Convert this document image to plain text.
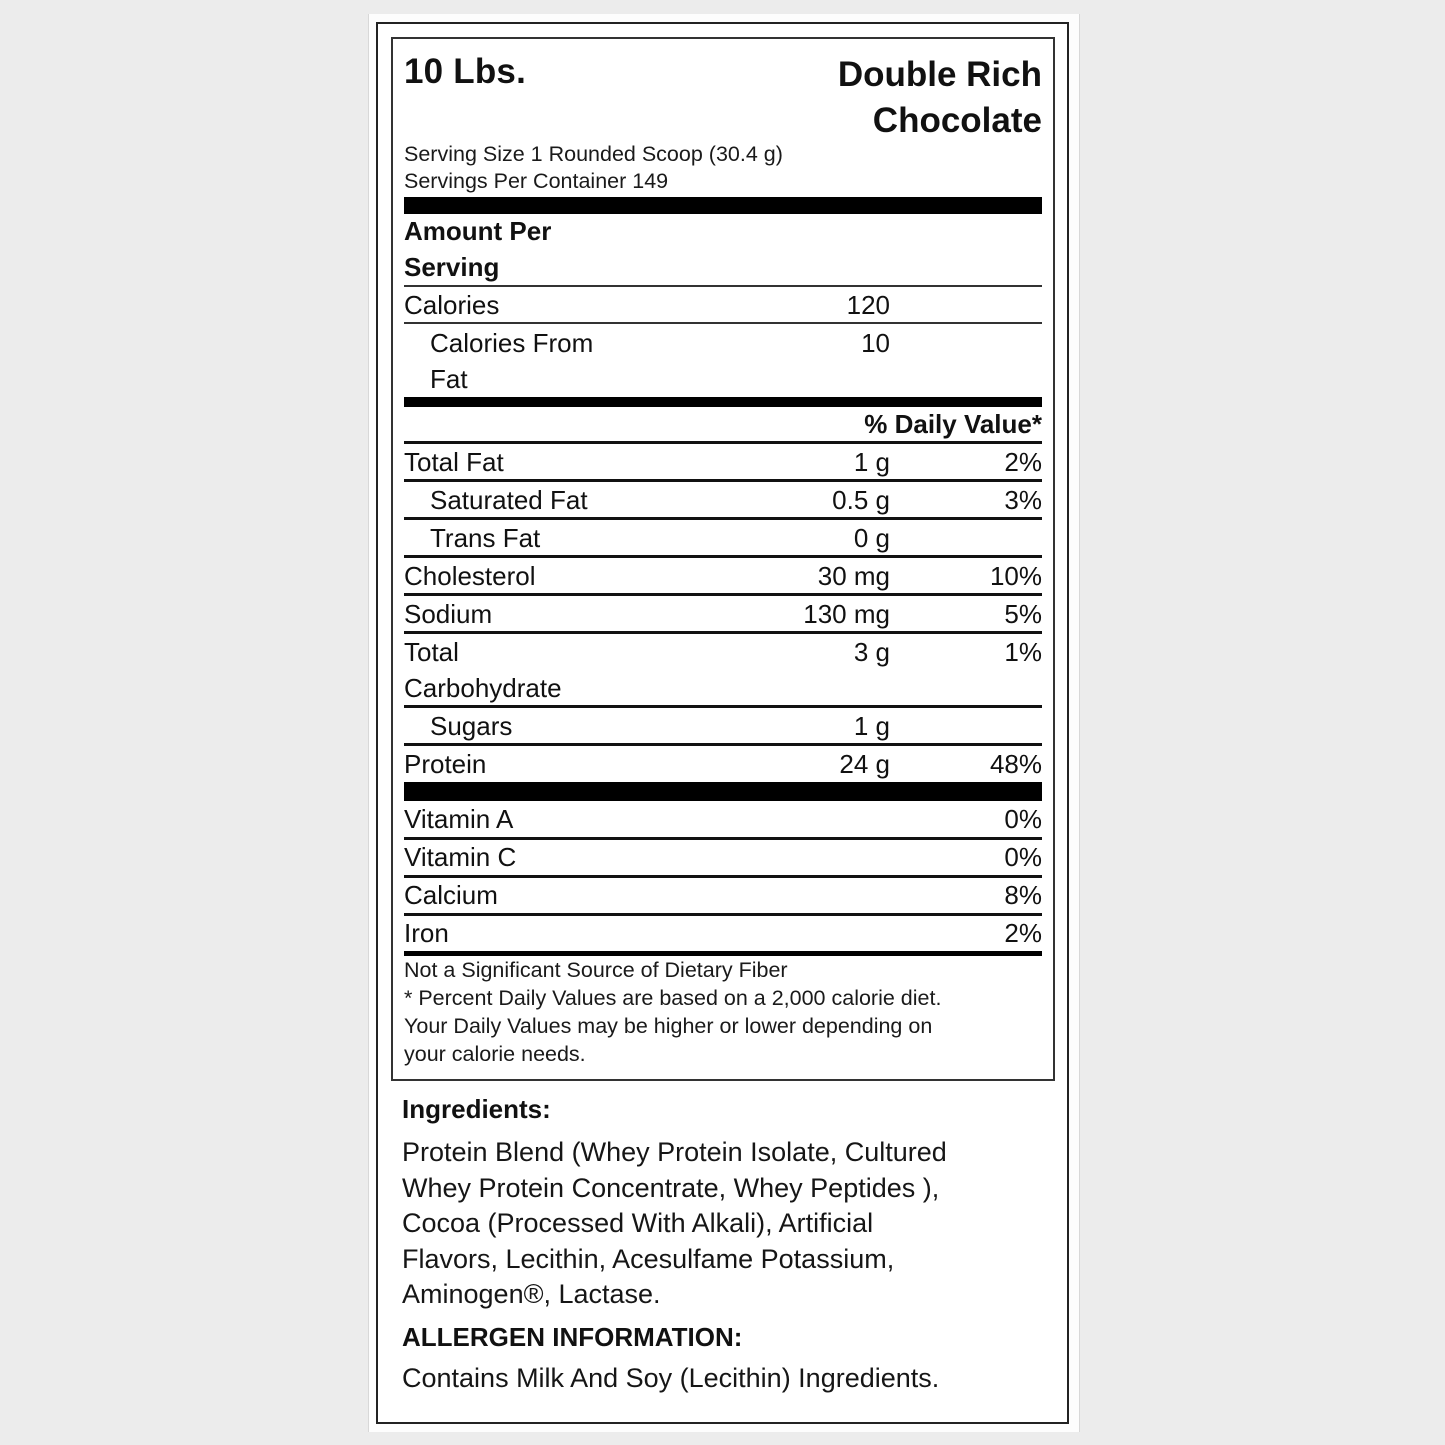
10 Lbs.	Double Rich
Chocolate
Serving Size 1 Rounded Scoop (30.4 g)
Servings Per Container 149
Amount Per
Serving
Calories	120
Calories From	10
Fat
% Daily Value*
Total Fat	1 g	2%
Saturated Fat	0.5 g	3%
Trans Fat	0 g
Cholesterol	30 mg	10%
Sodium	130 mg	5%
Total	3 g	1%
Carbohydrate
Sugars	1 g
Protein	24 g	48%
Vitamin A	0%
Vitamin C	0%
Calcium	8%
Iron	2%
Not a Significant Source of Dietary Fiber
* Percent Daily Values are based on a 2,000 calorie diet.
Your Daily Values may be higher or lower depending on
your calorie needs.
Ingredients:
Protein Blend (Whey Protein Isolate, Cultured
Whey Protein Concentrate, Whey Peptides ),
Cocoa (Processed With Alkali), Artificial
Flavors, Lecithin, Acesulfame Potassium,
Aminogen®, Lactase.
ALLERGEN INFORMATION:
Contains Milk And Soy (Lecithin) Ingredients.
